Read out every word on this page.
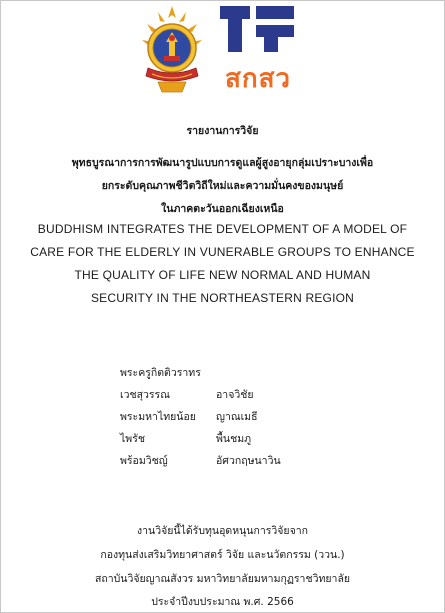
สกสว
รายงานการวิจัย
พุทธบูรณาการการพัฒนารูปแบบการดูแลผู้สูงอายุกลุ่มเปราะบางเพื่อ
ยกระดับคุณภาพชีวิตวิถีใหม่และความมั่นคงของมนุษย์
ในภาคตะวันออกเฉียงเหนือ
BUDDHISM INTEGRATES THE DEVELOPMENT OF A MODEL OF
CARE FOR THE ELDERLY IN VUNERABLE GROUPS TO ENHANCE
THE QUALITY OF LIFE NEW NORMAL AND HUMAN
SECURITY IN THE NORTHEASTERN REGION
พระครูกิตติวราทร
เวชสุวรรณ	อาจวิชัย
พระมหาไทยน้อย ญาณเมธี
ไพรัช	พื้นชมภู
พร้อมวิชญ์	อัศวกฤษนาวิน
งานวิจัยนี้ได้รับทุนอุดหนุนการวิจัยจาก
กองทุนส่งเสริมวิทยาศาสตร์ วิจัย และนวัตกรรม (ววน.)
สถาบันวิจัยญาณสังวร มหาวิทยาลัยมหามกุฏราชวิทยาลัย
ประจำปีงบประมาณ พ.ศ. 2566
